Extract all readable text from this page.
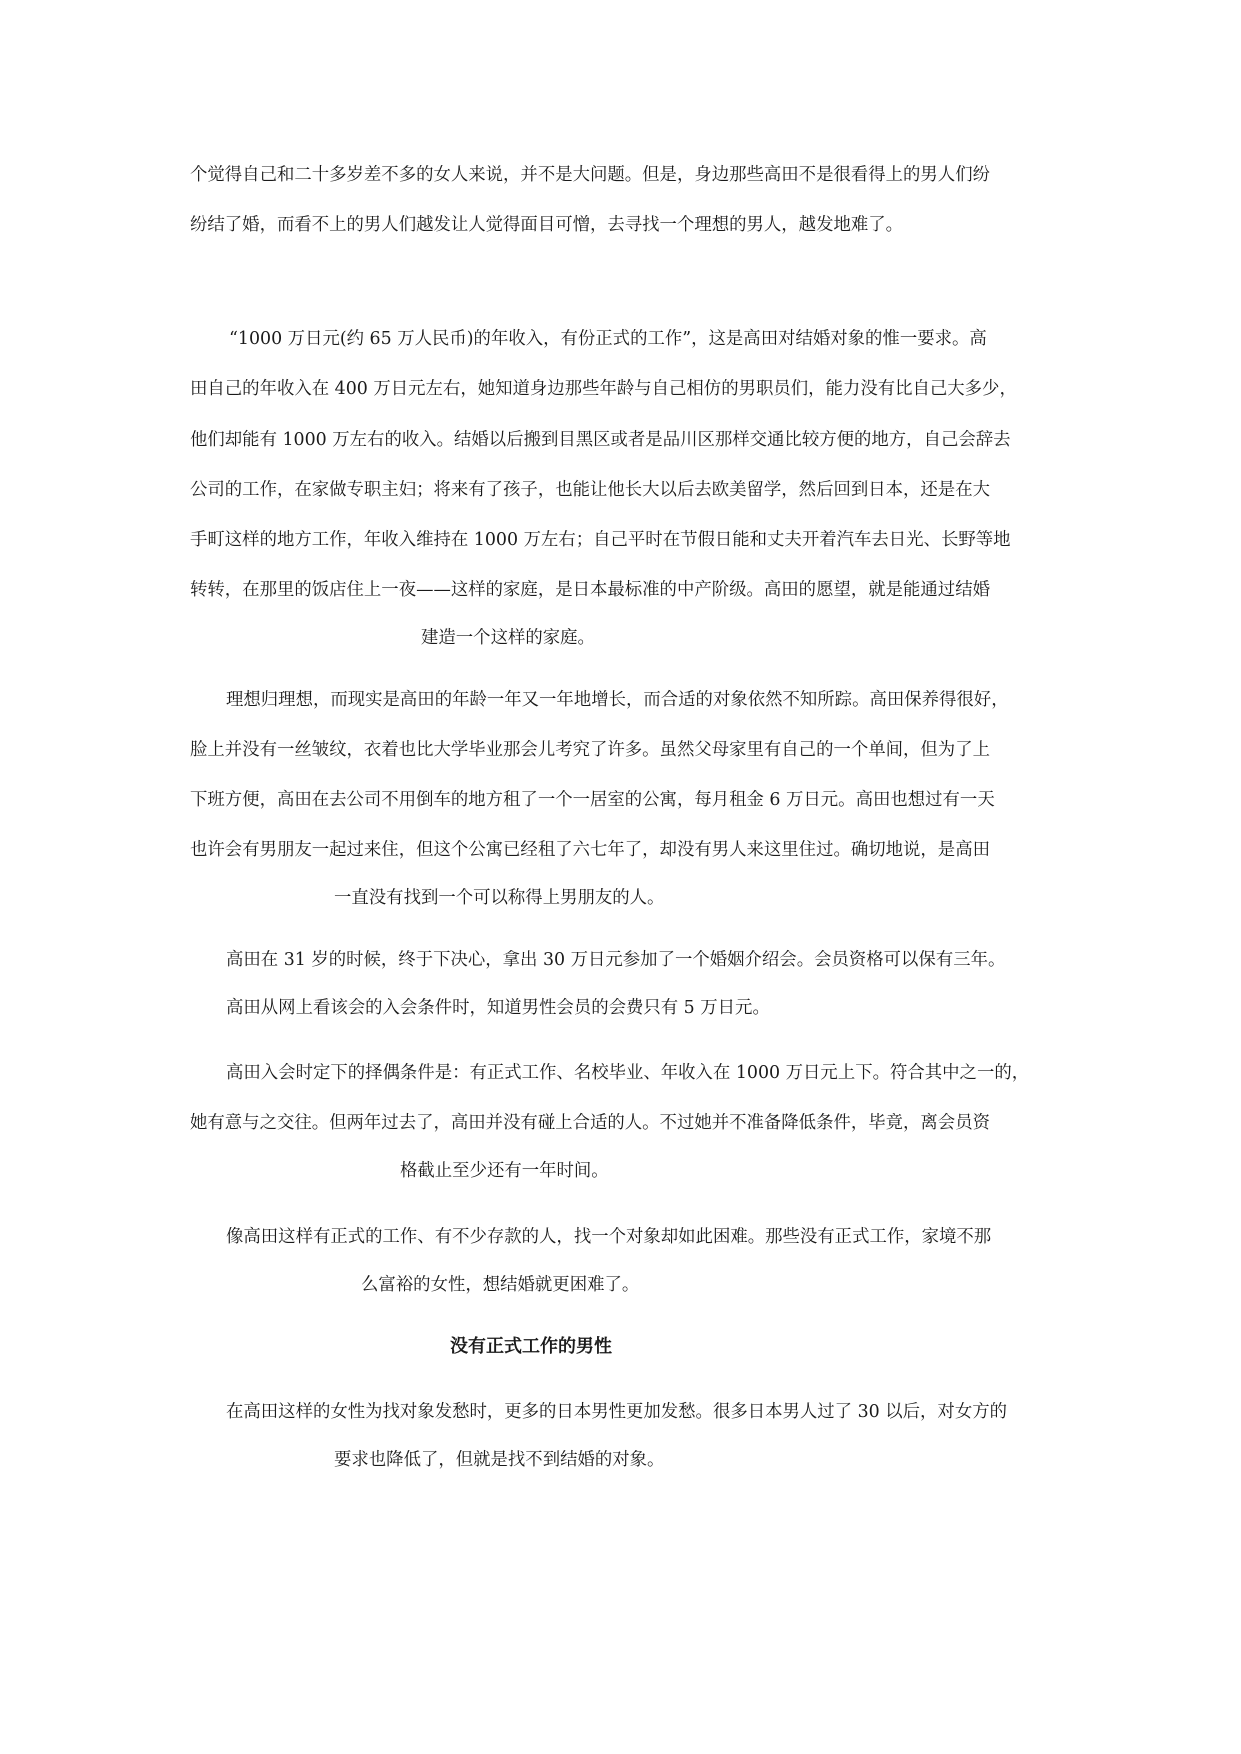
个觉得自己和二十多岁差不多的女人来说，并不是大问题。但是，身边那些高田不是很看得上的男人们纷

纷结了婚，而看不上的男人们越发让人觉得面目可憎，去寻找一个理想的男人，越发地难了。

“1000 万日元(约 65 万人民币)的年收入，有份正式的工作”，这是高田对结婚对象的惟一要求。高

田自己的年收入在 400 万日元左右，她知道身边那些年龄与自己相仿的男职员们，能力没有比自己大多少，

他们却能有 1000 万左右的收入。结婚以后搬到目黑区或者是品川区那样交通比较方便的地方，自己会辞去

公司的工作，在家做专职主妇；将来有了孩子，也能让他长大以后去欧美留学，然后回到日本，还是在大

手町这样的地方工作，年收入维持在 1000 万左右；自己平时在节假日能和丈夫开着汽车去日光、长野等地

转转，在那里的饭店住上一夜——这样的家庭，是日本最标准的中产阶级。高田的愿望，就是能通过结婚

建造一个这样的家庭。

理想归理想，而现实是高田的年龄一年又一年地增长，而合适的对象依然不知所踪。高田保养得很好，

脸上并没有一丝皱纹，衣着也比大学毕业那会儿考究了许多。虽然父母家里有自己的一个单间，但为了上

下班方便，高田在去公司不用倒车的地方租了一个一居室的公寓，每月租金 6 万日元。高田也想过有一天

也许会有男朋友一起过来住，但这个公寓已经租了六七年了，却没有男人来这里住过。确切地说，是高田

一直没有找到一个可以称得上男朋友的人。

高田在 31 岁的时候，终于下决心，拿出 30 万日元参加了一个婚姻介绍会。会员资格可以保有三年。

高田从网上看该会的入会条件时，知道男性会员的会费只有 5 万日元。

高田入会时定下的择偶条件是：有正式工作、名校毕业、年收入在 1000 万日元上下。符合其中之一的，

她有意与之交往。但两年过去了，高田并没有碰上合适的人。不过她并不准备降低条件，毕竟，离会员资

格截止至少还有一年时间。

像高田这样有正式的工作、有不少存款的人，找一个对象却如此困难。那些没有正式工作，家境不那

么富裕的女性，想结婚就更困难了。

没有正式工作的男性

在高田这样的女性为找对象发愁时，更多的日本男性更加发愁。很多日本男人过了 30 以后，对女方的

要求也降低了，但就是找不到结婚的对象。
